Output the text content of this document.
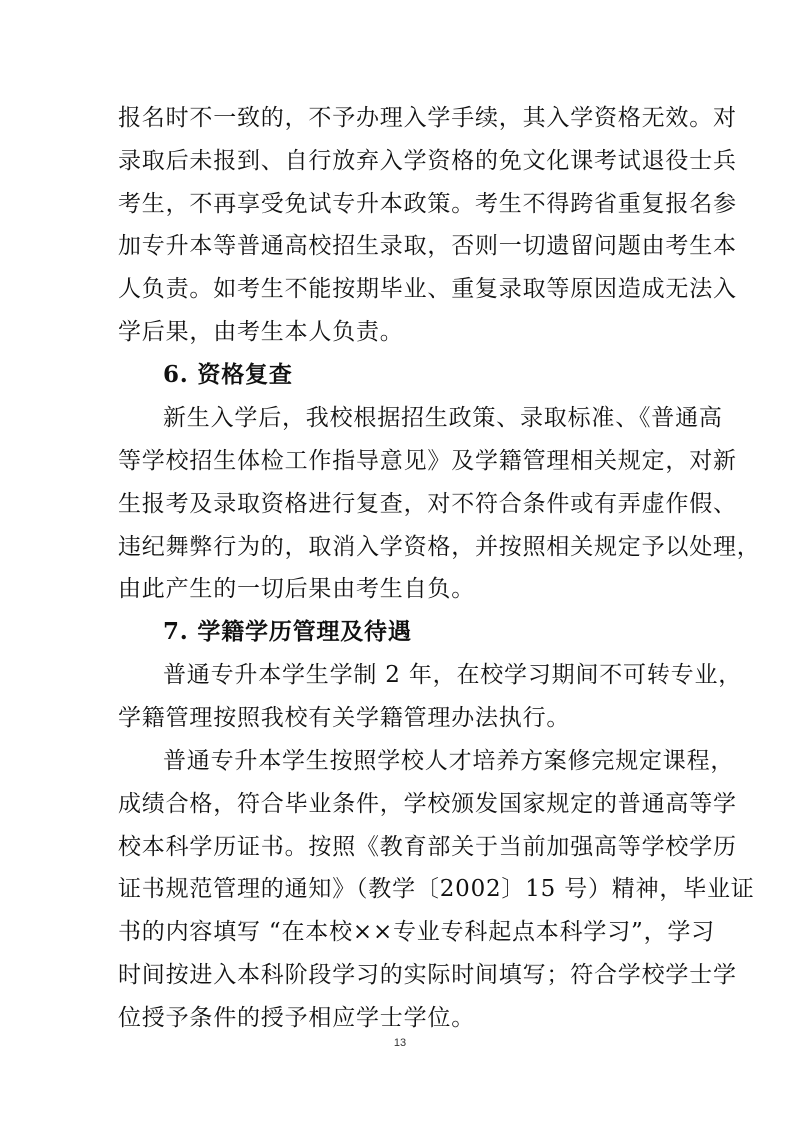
报名时不一致的，不予办理入学手续，其入学资格无效。对
录取后未报到、自行放弃入学资格的免文化课考试退役士兵
考生，不再享受免试专升本政策。考生不得跨省重复报名参
加专升本等普通高校招生录取，否则一切遗留问题由考生本
人负责。如考生不能按期毕业、重复录取等原因造成无法入
学后果，由考生本人负责。
6. 资格复查
新生入学后，我校根据招生政策、录取标准、《普通高
等学校招生体检工作指导意见》及学籍管理相关规定，对新
生报考及录取资格进行复查，对不符合条件或有弄虚作假、
违纪舞弊行为的，取消入学资格，并按照相关规定予以处理，
由此产生的一切后果由考生自负。
7. 学籍学历管理及待遇
普通专升本学生学制 2 年，在校学习期间不可转专业，
学籍管理按照我校有关学籍管理办法执行。
普通专升本学生按照学校人才培养方案修完规定课程，
成绩合格，符合毕业条件，学校颁发国家规定的普通高等学
校本科学历证书。按照《教育部关于当前加强高等学校学历
证书规范管理的通知》（教学〔2002〕15 号）精神，毕业证
书的内容填写 “在本校××专业专科起点本科学习”，学习
时间按进入本科阶段学习的实际时间填写；符合学校学士学
位授予条件的授予相应学士学位。
13
